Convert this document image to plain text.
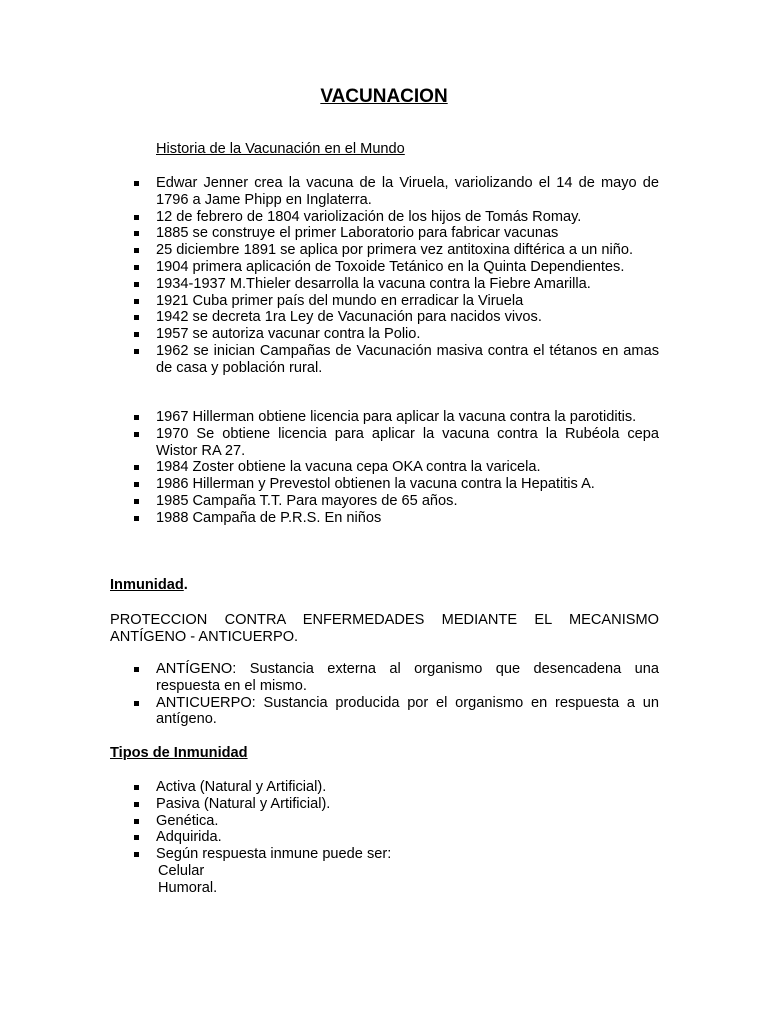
VACUNACION
Historia de la Vacunación en el Mundo
Edwar Jenner crea la vacuna de la Viruela, variolizando el 14 de mayo de 1796 a Jame Phipp en Inglaterra.
12 de febrero de 1804 variolización de los hijos de Tomás Romay.
1885 se construye el primer Laboratorio para fabricar vacunas
25 diciembre 1891 se aplica por primera vez antitoxina diftérica a un niño.
1904 primera aplicación de Toxoide Tetánico en la Quinta Dependientes.
1934-1937 M.Thieler desarrolla la vacuna contra la Fiebre Amarilla.
1921 Cuba primer país del mundo en erradicar la Viruela
1942 se decreta 1ra Ley de Vacunación para nacidos vivos.
1957 se autoriza vacunar contra la Polio.
1962 se inician Campañas de Vacunación masiva contra el tétanos en amas de casa y población rural.
1967 Hillerman obtiene licencia para aplicar la vacuna contra la parotiditis.
1970 Se obtiene licencia para aplicar la vacuna contra la Rubéola cepa Wistor RA 27.
1984 Zoster obtiene la vacuna cepa OKA contra la varicela.
1986 Hillerman y Prevestol obtienen la vacuna contra la Hepatitis A.
1985 Campaña T.T. Para mayores de 65 años.
1988 Campaña de P.R.S. En niños
Inmunidad.
PROTECCION CONTRA ENFERMEDADES MEDIANTE EL MECANISMO ANTÍGENO - ANTICUERPO.
ANTÍGENO: Sustancia externa al organismo que desencadena una respuesta en el mismo.
ANTICUERPO: Sustancia producida por el organismo en respuesta a un antígeno.
Tipos de Inmunidad
Activa (Natural y Artificial).
Pasiva (Natural y Artificial).
Genética.
Adquirida.
Según respuesta inmune puede ser:
Celular
Humoral.
